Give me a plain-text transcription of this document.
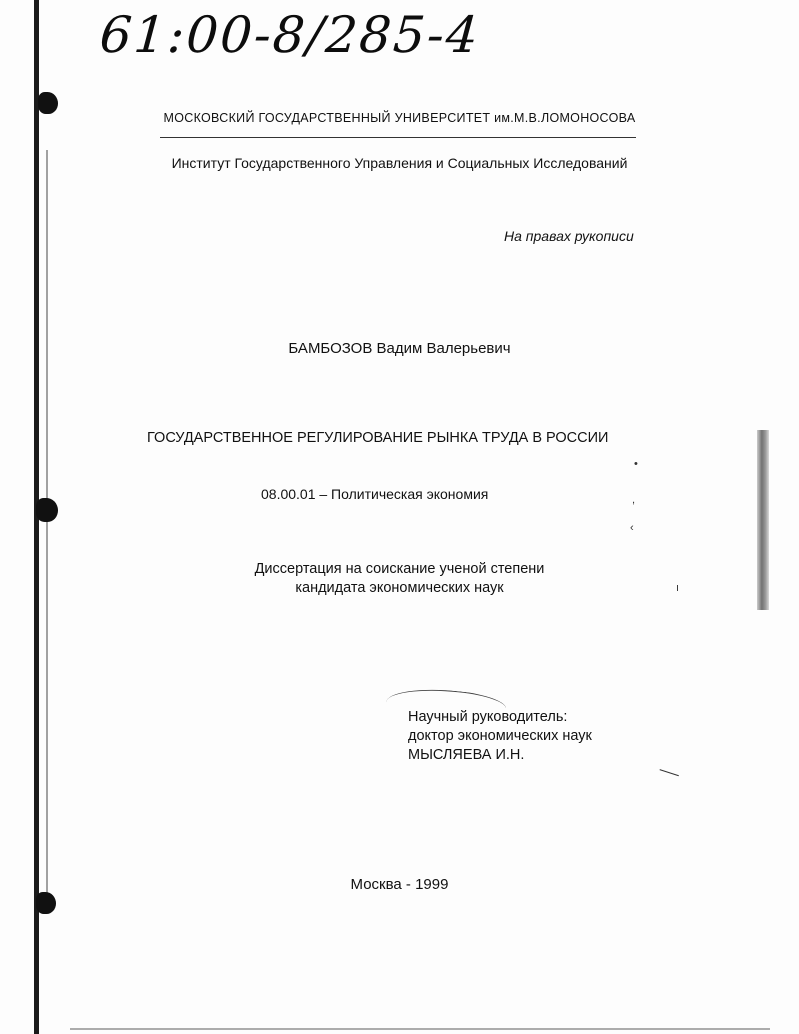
•
,
‹
ı
61:00-8/285-4
МОСКОВСКИЙ ГОСУДАРСТВЕННЫЙ УНИВЕРСИТЕТ им.М.В.ЛОМОНОСОВА
Институт Государственного Управления и Социальных Исследований
На правах рукописи
БАМБОЗОВ Вадим Валерьевич
ГОСУДАРСТВЕННОЕ РЕГУЛИРОВАНИЕ РЫНКА ТРУДА В РОССИИ
08.00.01 – Политическая экономия
Диссертация на соискание ученой степени
кандидата экономических наук
Научный руководитель:
доктор экономических наук
МЫСЛЯЕВА И.Н.
Москва - 1999
